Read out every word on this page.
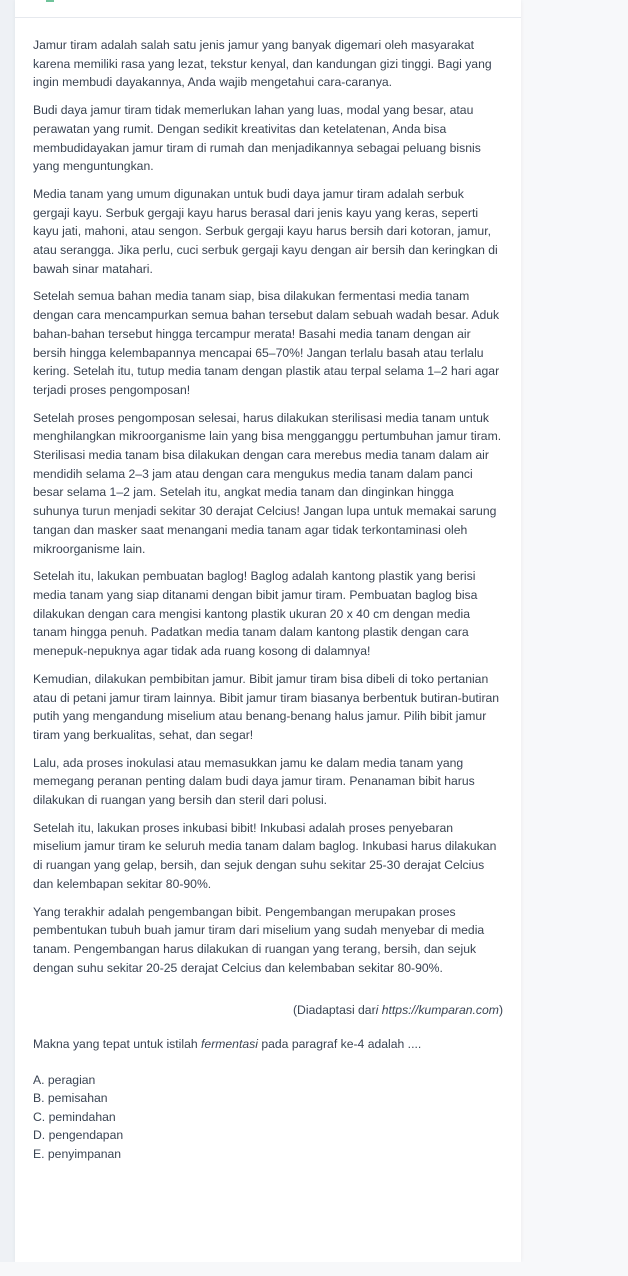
Jamur tiram adalah salah satu jenis jamur yang banyak digemari oleh masyarakat karena memiliki rasa yang lezat, tekstur kenyal, dan kandungan gizi tinggi. Bagi yang ingin membudi dayakannya, Anda wajib mengetahui cara-caranya.

Budi daya jamur tiram tidak memerlukan lahan yang luas, modal yang besar, atau perawatan yang rumit. Dengan sedikit kreativitas dan ketelatenan, Anda bisa membudidayakan jamur tiram di rumah dan menjadikannya sebagai peluang bisnis yang menguntungkan.

Media tanam yang umum digunakan untuk budi daya jamur tiram adalah serbuk gergaji kayu. Serbuk gergaji kayu harus berasal dari jenis kayu yang keras, seperti kayu jati, mahoni, atau sengon. Serbuk gergaji kayu harus bersih dari kotoran, jamur, atau serangga. Jika perlu, cuci serbuk gergaji kayu dengan air bersih dan keringkan di bawah sinar matahari.

Setelah semua bahan media tanam siap, bisa dilakukan fermentasi media tanam dengan cara mencampurkan semua bahan tersebut dalam sebuah wadah besar. Aduk bahan-bahan tersebut hingga tercampur merata! Basahi media tanam dengan air bersih hingga kelembapannya mencapai 65–70%! Jangan terlalu basah atau terlalu kering. Setelah itu, tutup media tanam dengan plastik atau terpal selama 1–2 hari agar terjadi proses pengomposan!

Setelah proses pengomposan selesai, harus dilakukan sterilisasi media tanam untuk menghilangkan mikroorganisme lain yang bisa mengganggu pertumbuhan jamur tiram. Sterilisasi media tanam bisa dilakukan dengan cara merebus media tanam dalam air mendidih selama 2–3 jam atau dengan cara mengukus media tanam dalam panci besar selama 1–2 jam. Setelah itu, angkat media tanam dan dinginkan hingga suhunya turun menjadi sekitar 30 derajat Celcius! Jangan lupa untuk memakai sarung tangan dan masker saat menangani media tanam agar tidak terkontaminasi oleh mikroorganisme lain.

Setelah itu, lakukan pembuatan baglog! Baglog adalah kantong plastik yang berisi media tanam yang siap ditanami dengan bibit jamur tiram. Pembuatan baglog bisa dilakukan dengan cara mengisi kantong plastik ukuran 20 x 40 cm dengan media tanam hingga penuh. Padatkan media tanam dalam kantong plastik dengan cara menepuk-nepuknya agar tidak ada ruang kosong di dalamnya!

Kemudian, dilakukan pembibitan jamur. Bibit jamur tiram bisa dibeli di toko pertanian atau di petani jamur tiram lainnya. Bibit jamur tiram biasanya berbentuk butiran-butiran putih yang mengandung miselium atau benang-benang halus jamur. Pilih bibit jamur tiram yang berkualitas, sehat, dan segar!

Lalu, ada proses inokulasi atau memasukkan jamu ke dalam media tanam yang memegang peranan penting dalam budi daya jamur tiram. Penanaman bibit harus dilakukan di ruangan yang bersih dan steril dari polusi.

Setelah itu, lakukan proses inkubasi bibit! Inkubasi adalah proses penyebaran miselium jamur tiram ke seluruh media tanam dalam baglog. Inkubasi harus dilakukan di ruangan yang gelap, bersih, dan sejuk dengan suhu sekitar 25-30 derajat Celcius dan kelembapan sekitar 80-90%.

Yang terakhir adalah pengembangan bibit. Pengembangan merupakan proses pembentukan tubuh buah jamur tiram dari miselium yang sudah menyebar di media tanam. Pengembangan harus dilakukan di ruangan yang terang, bersih, dan sejuk dengan suhu sekitar 20-25 derajat Celcius dan kelembaban sekitar 80-90%.

(Diadaptasi dari https://kumparan.com)

Makna yang tepat untuk istilah fermentasi pada paragraf ke-4 adalah ....

A. peragian
B. pemisahan
C. pemindahan
D. pengendapan
E. penyimpanan
